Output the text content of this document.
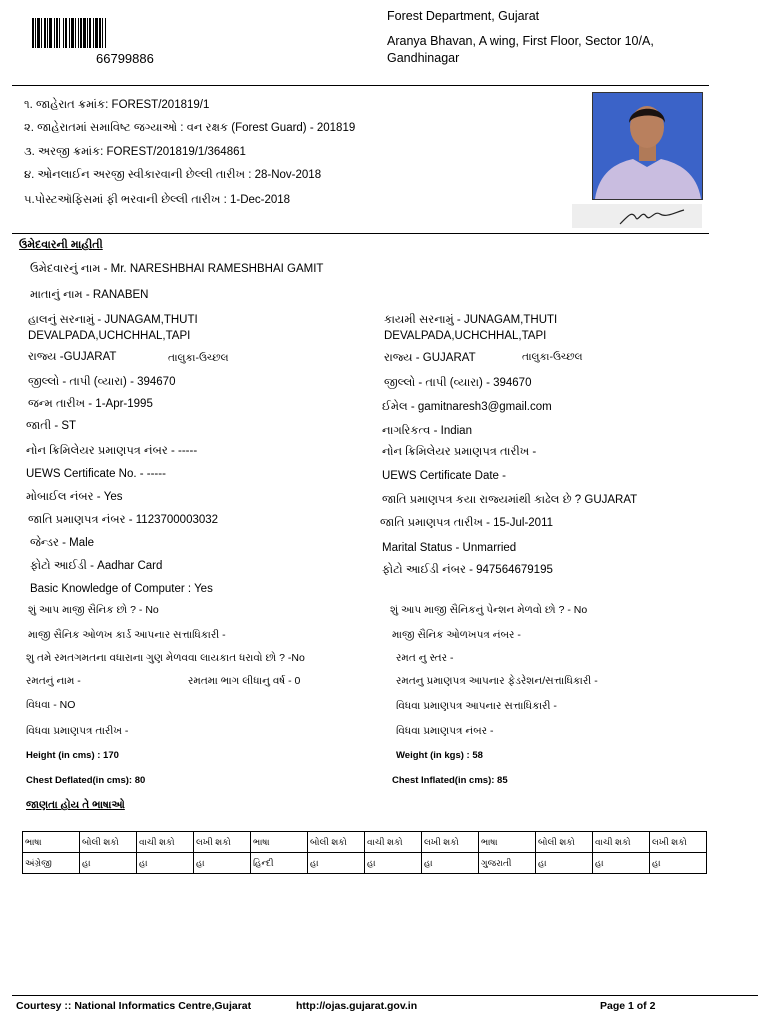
66799886
Forest Department, Gujarat
Aranya Bhavan, A wing, First Floor, Sector 10/A,
Gandhinagar
૧. જાહેરાત ક્રમાંક: FOREST/201819/1
૨. જાહેરાતમાં સમાવિષ્ટ જગ્યાઓ : વન રક્ષક (Forest Guard) - 201819
૩. અરજી ક્રમાંક: FOREST/201819/1/364861
૪. ઓનલાઈન અરજી સ્વીકારવાની છેલ્લી તારીખ : 28-Nov-2018
૫.પોસ્ટઑફિસમાં ફી ભરવાની છેલ્લી તારીખ : 1-Dec-2018
ઉમેદવારની માહીતી
ઉમેદવારનું નામ - Mr. NARESHBHAI RAMESHBHAI GAMIT
માતાનું નામ - RANABEN
હાલનું સરનામું - JUNAGAM,THUTI
DEVALPADA,UCHCHHAL,TAPI
રાજ્ય -GUJARAT	તાલુકા-ઉચ્છલ
જીલ્લો - તાપી (વ્યારા) - 394670
જન્મ તારીખ - 1-Apr-1995
જાતી - ST
નોન ક્રિમિલેયર પ્રમાણપત્ર નંબર - -----
UEWS Certificate No. - -----
મોબાઈલ નંબર - Yes
જાતિ પ્રમાણપત્ર નંબર - 1123700003032
જેન્ડર - Male
ફોટો આઈડી - Aadhar Card
Basic Knowledge of Computer : Yes
શું આપ માજી સૈનિક છો ? - No
માજી સૈનિક ઓળખ કાર્ડ આપનાર સત્તાધિકારી -
શુ તમે રમતગમતના વધારાના ગુણ મેળવવા લાયકાત ધરાવો છો ? -No
રમતનું નામ -	રમતમા ભાગ લીધાનુ વર્ષ - 0
વિધવા - NO
વિધવા પ્રમાણપત્ર તારીખ -
Height (in cms) : 170
Chest Deflated(in cms): 80
કાયમી સરનામું - JUNAGAM,THUTI
DEVALPADA,UCHCHHAL,TAPI
રાજ્ય - GUJARAT	તાલુકા-ઉચ્છલ
જીલ્લો - તાપી (વ્યારા) - 394670
ઈમેલ - gamitnaresh3@gmail.com
નાગરિકત્વ - Indian
નોન ક્રિમિલેયર પ્રમાણપત્ર તારીખ -
UEWS Certificate Date -
જાતિ પ્રમાણપત્ર કયા રાજ્યમાંથી કાઢેલ છે ? GUJARAT
જાતિ પ્રમાણપત્ર તારીખ - 15-Jul-2011
Marital Status - Unmarried
ફોટો આઈડી નંબર - 947564679195
શું આપ માજી સૈનિકનું પેન્શન મેળવો છો ? - No
માજી સૈનિક ઓળખપત્ર નંબર -
રમત નુ સ્તર -
રમતનુ પ્રમાણપત્ર આપનાર ફેડરેશન/સત્તાધિકારી -
વિધવા પ્રમાણપત્ર આપનાર સત્તાધિકારી -
વિધવા પ્રમાણપત્ર નંબર -
Weight (in kgs) : 58
Chest Inflated(in cms): 85
જાણતા હોય તે ભાષાઓ
ભાષા	બોલી શકો	વાચી શકો	લખી શકો	ભાષા	બોલી શકો	વાચી શકો	લખી શકો	ભાષા	બોલી શકો	વાચી શકો	લખી શકો
અંગ્રેજી	હા	હા	હા	હિન્દી	હા	હા	હા	ગુજરાતી	હા	હા	હા
Courtesy :: National Informatics Centre,Gujarat	http://ojas.gujarat.gov.in	Page 1 of 2
